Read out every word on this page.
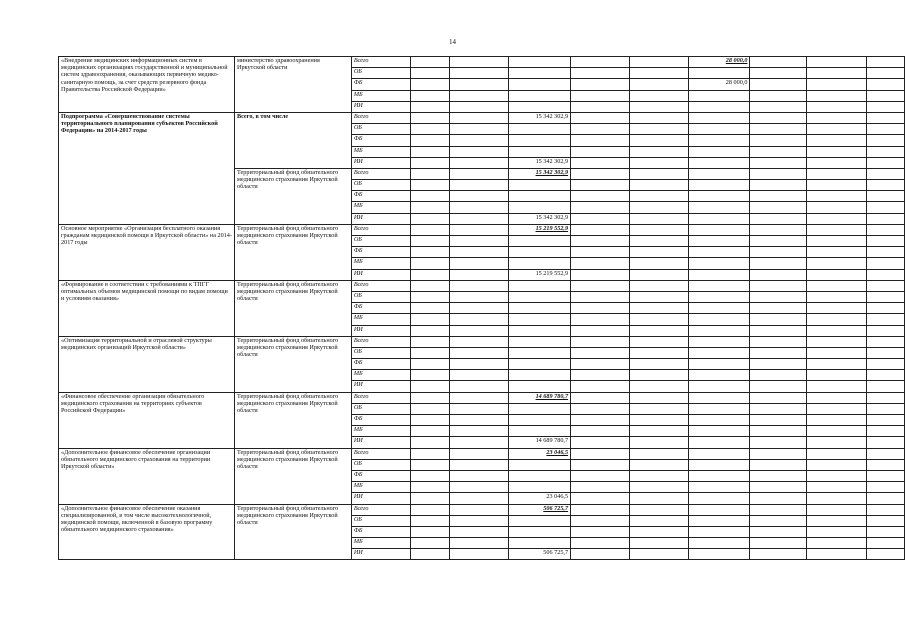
14
«Внедрение медицинских информационных систем в медицинских организациях государственной и муниципальной систем здравоохранения, оказывающих первичную медико-санитарную помощь, за счет средств резервного фонда Правительства Российской Федерации»	министерство здравоохранения Иркутской области	Всего						28 000,0			
		ОБ									
		ФБ						28 000,0			
		МБ									
		ИИ									
Подпрограмма «Совершенствование системы территориального планирования субъектов Российской Федерации» на 2014-2017 годы	Всего, в том числе	Всего			15 342 302,9						
		ОБ									
		ФБ									
		МБ									
		ИИ			15 342 302,9						
	Территориальный фонд обязательного медицинского страхования Иркутской области	Всего			15 342 302,9						
		ОБ									
		ФБ									
		МБ									
		ИИ			15 342 302,9						
Основное мероприятие «Организация бесплатного оказания гражданам медицинской помощи в Иркутской области» на 2014-2017 годы	Территориальный фонд обязательного медицинского страхования Иркутской области	Всего			15 219 552,9						
		ОБ									
		ФБ									
		МБ									
		ИИ			15 219 552,9						
«Формирование в соответствии с требованиями к ТПГГ оптимальных объемов медицинской помощи по видам помощи и условиям оказания»	Территориальный фонд обязательного медицинского страхования Иркутской области	Всего									
		ОБ									
		ФБ									
		МБ									
		ИИ									
«Оптимизация территориальной и отраслевой структуры медицинских организаций Иркутской области»	Территориальный фонд обязательного медицинского страхования Иркутской области	Всего									
		ОБ									
		ФБ									
		МБ									
		ИИ									
«Финансовое обеспечение организации обязательного медицинского страхования на территориях субъектов Российской Федерации»	Территориальный фонд обязательного медицинского страхования Иркутской области	Всего			14 689 780,7						
		ОБ									
		ФБ									
		МБ									
		ИИ			14 689 780,7						
«Дополнительное финансовое обеспечение организации обязательного медицинского страхования на территории Иркутской области»	Территориальный фонд обязательного медицинского страхования Иркутской области	Всего			23 046,5						
		ОБ									
		ФБ									
		МБ									
		ИИ			23 046,5						
«Дополнительное финансовое обеспечение оказания специализированной, в том числе высокотехнологичной, медицинской помощи, включенной в базовую программу обязательного медицинского страхования»	Территориальный фонд обязательного медицинского страхования Иркутской области	Всего			506 725,7						
		ОБ									
		ФБ									
		МБ									
		ИИ			506 725,7						
